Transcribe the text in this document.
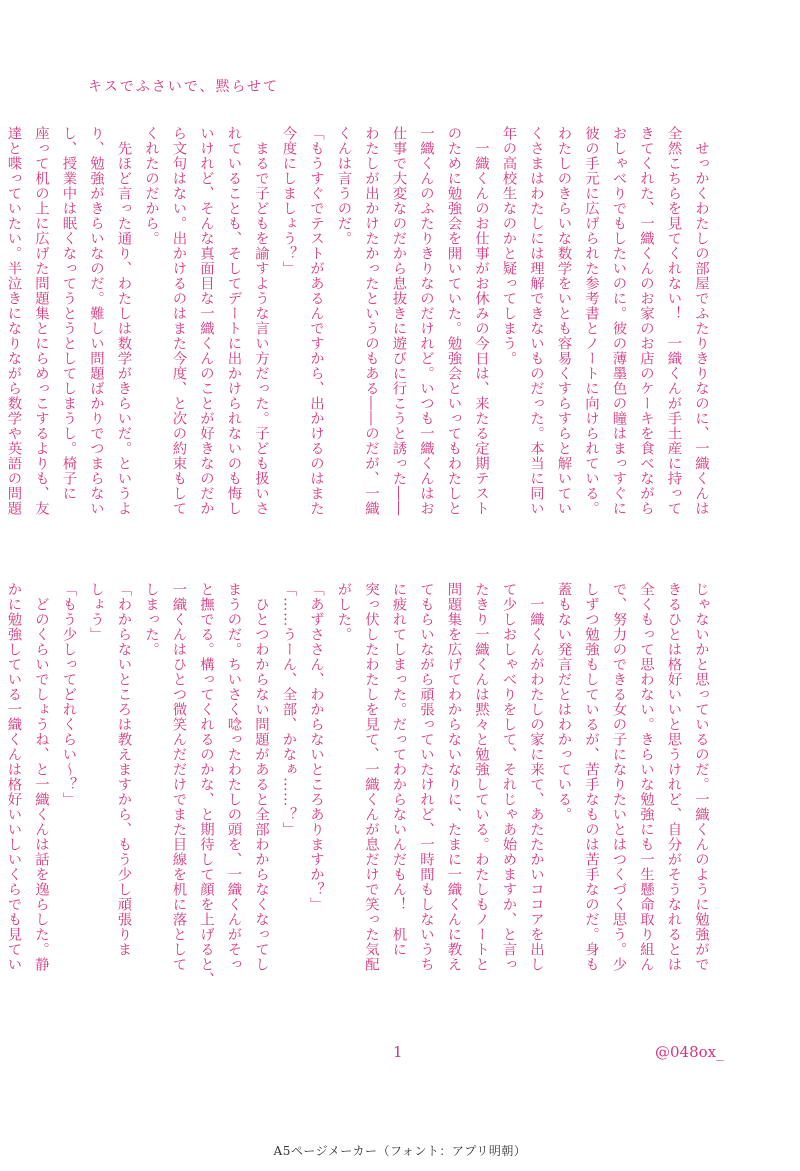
キスでふさいで、黙らせて

　せっかくわたしの部屋でふたりきりなのに、一織くんは

全然こちらを見てくれない！　一織くんが手土産に持って

きてくれた、一織くんのお家のお店のケーキを食べながら

おしゃべりでもしたいのに。彼の薄墨色の瞳はまっすぐに

彼の手元に広げられた参考書とノートに向けられている。

わたしのきらいな数学をいとも容易くすらすらと解いてい

くさまはわたしには理解できないものだった。本当に同い

年の高校生なのかと疑ってしまう。

　一織くんのお仕事がお休みの今日は、来たる定期テスト

のために勉強会を開いていた。勉強会といってもわたしと

一織くんのふたりきりなのだけれど。いつも一織くんはお

仕事で大変なのだから息抜きに遊びに行こうと誘った――

わたしが出かけたかったというのもある――のだが、一織

くんは言うのだ。

「もうすぐでテストがあるんですから、出かけるのはまた

今度にしましょう？」

　まるで子どもを諭すような言い方だった。子ども扱いさ

れていることも、そしてデートに出かけられないのも悔し

いけれど、そんな真面目な一織くんのことが好きなのだか

ら文句はない。出かけるのはまた今度、と次の約束もして

くれたのだから。

　先ほど言った通り、わたしは数学がきらいだ。というよ

り、勉強がきらいなのだ。難しい問題ばかりでつまらない

し、授業中は眠くなってうとうとしてしまうし。椅子に

座って机の上に広げた問題集とにらめっこするよりも、友

達と喋っていたい。半泣きになりながら数学や英語の問題

じゃないかと思っているのだ。一織くんのように勉強がで

きるひとは格好いいと思うけれど、自分がそうなれるとは

全くもって思わない。きらいな勉強にも一生懸命取り組ん

で、努力のできる女の子になりたいとはつくづく思う。少

しずつ勉強もしているが、苦手なものは苦手なのだ。身も

蓋もない発言だとはわかっている。

　一織くんがわたしの家に来て、あたたかいココアを出し

て少しおしゃべりをして、それじゃあ始めますか、と言っ

たきり一織くんは黙々と勉強している。わたしもノートと

問題集を広げてわからないなりに、たまに一織くんに教え

てもらいながら頑張っていたけれど、一時間もしないうち

に疲れてしまった。だってわからないんだもん！　机に

突っ伏したわたしを見て、一織くんが息だけで笑った気配

がした。

「あずささん、わからないところありますか？」

「……うーん、全部、かなぁ……？」

　ひとつわからない問題があると全部わからなくなってし

まうのだ。ちいさく唸ったわたしの頭を、一織くんがそっ

と撫でる。構ってくれるのかな、と期待して顔を上げると、

一織くんはひとつ微笑んだだけでまた目線を机に落として

しまった。

「わからないところは教えますから、もう少し頑張りま

しょう」

「もう少しってどれくらい～？」

　どのくらいでしょうね、と一織くんは話を逸らした。静

かに勉強している一織くんは格好いいしいくらでも見てい

1	@048ox_
A5ページメーカー（フォント：アプリ明朝）
